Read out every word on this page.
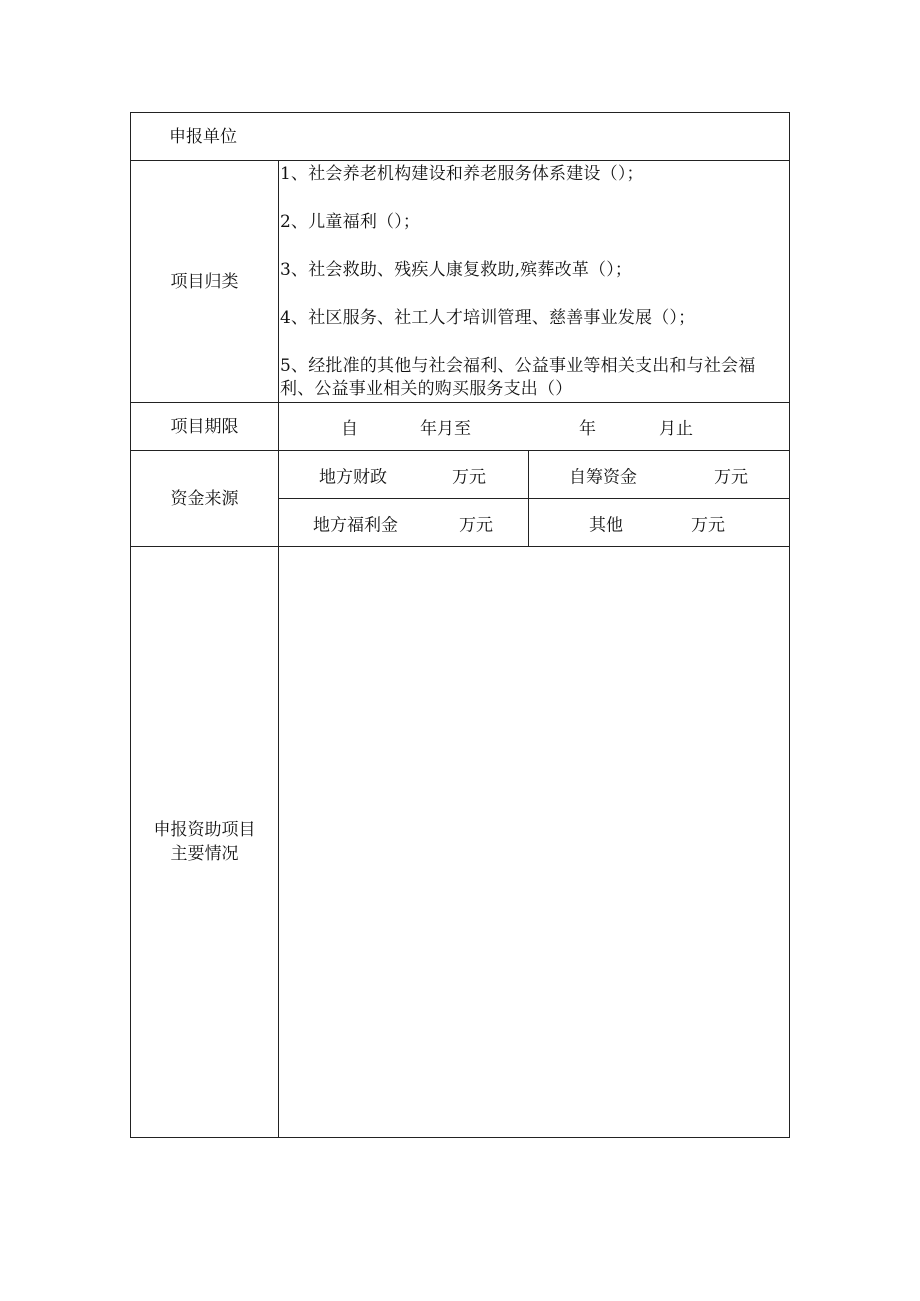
申报单位
项目归类
1、社会养老机构建设和养老服务体系建设（）；
2、儿童福利（）；
3、社会救助、残疾人康复救助,殡葬改革（）；
4、社区服务、社工人才培训管理、慈善事业发展（）；
5、经批准的其他与社会福利、公益事业等相关支出和与社会福利、公益事业相关的购买服务支出（）
项目期限	自	年月至	年	月止
资金来源
地方财政	万元	自筹资金	万元
地方福利金	万元	其他	万元
申报资助项目
主要情况
